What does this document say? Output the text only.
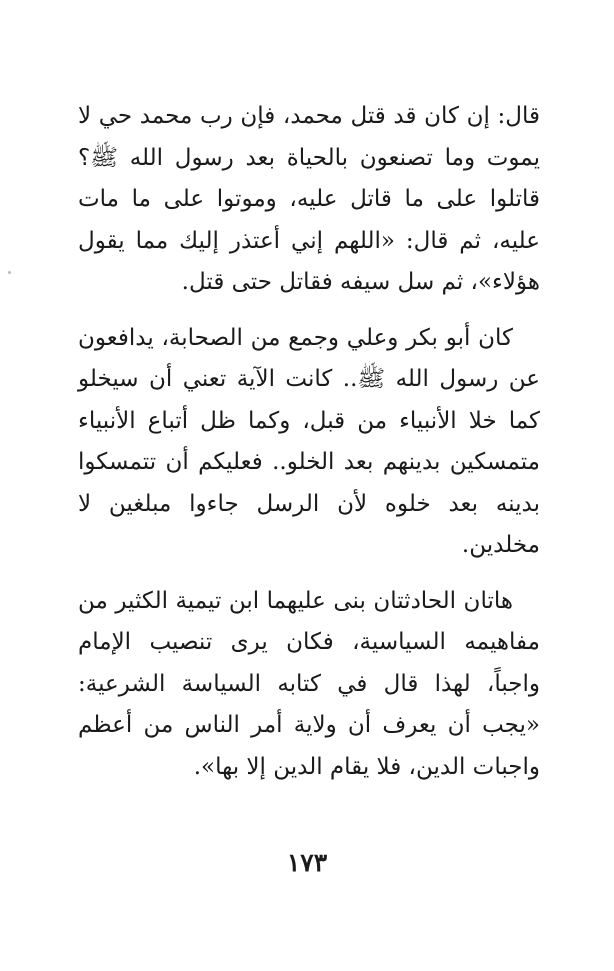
قال: إن كان قد قتل محمد، فإن رب محمد حي لا يموت وما تصنعون بالحياة بعد رسول الله ﷺ؟ قاتلوا على ما قاتل عليه، وموتوا على ما مات عليه، ثم قال: «اللهم إني أعتذر إليك مما يقول هؤلاء»، ثم سل سيفه فقاتل حتى قتل.

كان أبو بكر وعلي وجمع من الصحابة، يدافعون عن رسول الله ﷺ.. كانت الآية تعني أن سيخلو كما خلا الأنبياء من قبل، وكما ظل أتباع الأنبياء متمسكين بدينهم بعد الخلو.. فعليكم أن تتمسكوا بدينه بعد خلوه لأن الرسل جاءوا مبلغين لا مخلدين.

هاتان الحادثتان بنى عليهما ابن تيمية الكثير من مفاهيمه السياسية، فكان يرى تنصيب الإمام واجباً، لهذا قال في كتابه السياسة الشرعية: «يجب أن يعرف أن ولاية أمر الناس من أعظم واجبات الدين، فلا يقام الدين إلا بها».

١٧٣
